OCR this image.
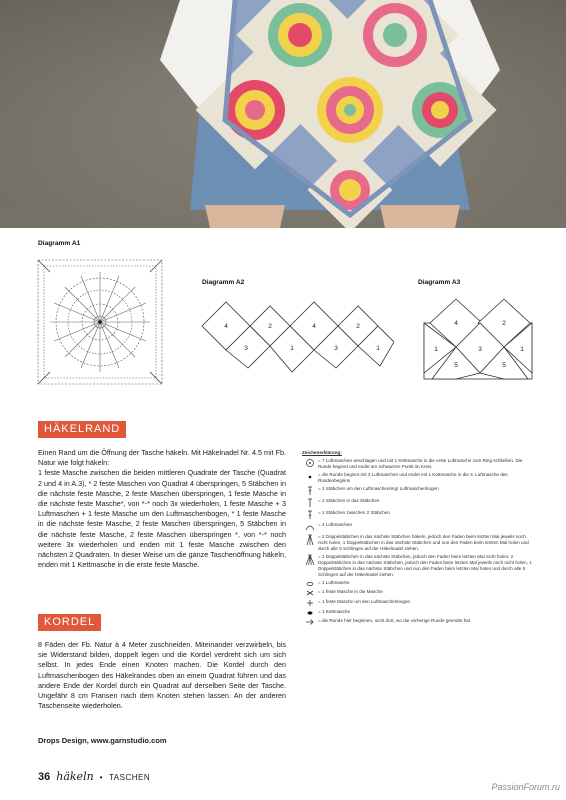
Diagramm A1
Diagramm A2	Diagramm A3
4
3
2
1
4
3
2
1
4	2
1	3
5
1
5
HÄKELRAND
Einen Rand um die Öffnung der Tasche häkeln. Mit Häkelnadel Nr. 4.5 mit Fb. Natur wie folgt häkeln:
1 feste Masche zwischen die beiden mittleren Quadrate der Tasche (Quadrat 2 und 4 in A.3), * 2 feste Maschen von Quadrat 4 überspringen, 5 Stäbchen in die nächste feste Masche, 2 feste Maschen überspringen, 1 feste Masche in die nächste feste Masche*, von *-* noch 3x wiederholen, 1 feste Masche + 3 Luftmaschen + 1 feste Masche um den Luftmaschenbogen, * 1 feste Masche in die nächste feste Masche, 2 feste Maschen überspringen, 5 Stäbchen in die nächste feste Masche, 2 feste Maschen überspringen *, von *-* noch weitere 3x wiederholen und enden mit 1 feste Masche zwischen den nächsten 2 Quadraten. In dieser Weise um die ganze Taschenöffnung häkeln, enden mit 1 Kettmasche in die erste feste Masche.
KORDEL
8 Fäden der Fb. Natur à 4 Meter zuschneiden. Miteinander verzwirbeln, bis sie Widerstand bilden, doppelt legen und die Kordel verdreht sich um sich selbst. In jedes Ende einen Knoten machen. Die Kordel durch den Luftmaschenbogen des Häkelrandes oben an einem Quadrat führen und das andere Ende der Kordel durch ein Quadrat auf derselben Seite der Tasche. Ungefähr 8 cm Fransen nach dem Knoten stehen lassen. An der anderen Taschenseite wiederholen.
Zeichenerklärung:
= 7 Luftmaschen anschlagen und mit 1 Kettmasche in die erste Luftmasche zum Ring schließen. Die Runde beginnt und endet am schwarzen Punkt im Kreis.
= die Runde beginnt mit 3 Luftmaschen und endet mit 1 Kettmasche in die 3. Luftmasche des Rundenbeginns
= 1 Stäbchen um den Luftmaschenring/ Luftmaschenbogen
= 1 Stäbchen in das Stäbchen
= 1 Stäbchen zwischen 2 Stäbchen
= 4 Luftmaschen
= 2 Doppelstäbchen in das nächste Stäbchen häkeln, jedoch den Faden beim letzten Mal jeweils noch nicht holen, 1 Doppelstäbchen in das nächste Stäbchen und nun den Faden beim letzten Mal holen und durch alle 5 Schlingen auf der Häkelnadel ziehen.
= 1 Doppelstäbchen in das nächste Stäbchen, jedoch den Faden beim letzten Mal nicht holen, 2 Doppelstäbchen in das nächste Stäbchen, jedoch den Faden beim letzten Mal jeweils noch nicht holen, 1 Doppelstäbchen in das nächste Stäbchen und nun den Faden beim letzten Mal holen und durch alle 5 Schlingen auf der Häkelnadel ziehen.
= 1 Luftmasche
= 1 feste Masche in die Masche
= 1 feste Masche um den Luftmaschenbogen
= 1 Kettmasche
= die Runde hier beginnen, nicht dort, wo die vorherige Runde geendet hat
Drops Design, www.garnstudio.com
36 häkeln • TASCHEN
PassionForum.ru
